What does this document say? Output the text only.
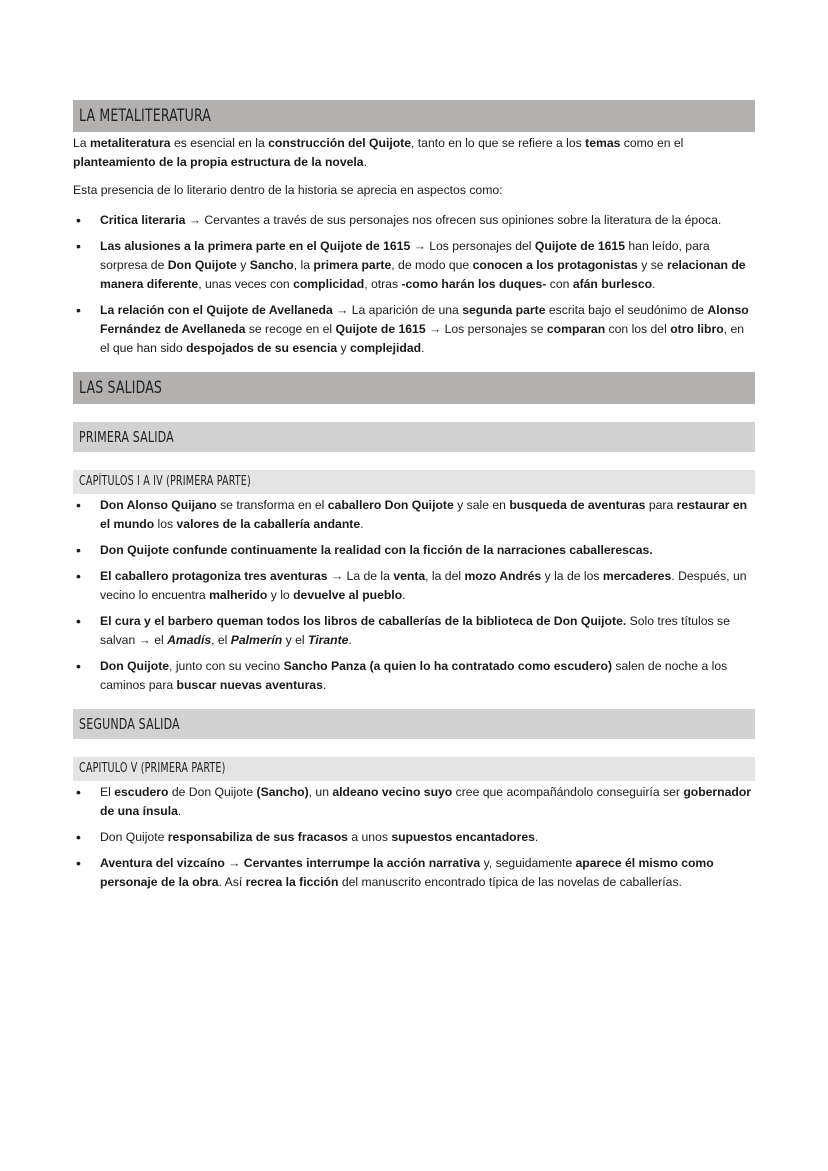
LA METALITERATURA

La metaliteratura es esencial en la construcción del Quijote, tanto en lo que se refiere a los temas como en el planteamiento de la propia estructura de la novela.

Esta presencia de lo literario dentro de la historia se aprecia en aspectos como:

• Critica literaria → Cervantes a través de sus personajes nos ofrecen sus opiniones sobre la literatura de la época.
• Las alusiones a la primera parte en el Quijote de 1615 → Los personajes del Quijote de 1615 han leído, para sorpresa de Don Quijote y Sancho, la primera parte, de modo que conocen a los protagonistas y se relacionan de manera diferente, unas veces con complicidad, otras -como harán los duques- con afán burlesco.
• La relación con el Quijote de Avellaneda → La aparición de una segunda parte escrita bajo el seudónimo de Alonso Fernández de Avellaneda se recoge en el Quijote de 1615 → Los personajes se comparan con los del otro libro, en el que han sido despojados de su esencia y complejidad.
LAS SALIDAS
PRIMERA SALIDA
CAPÍTULOS I A IV (PRIMERA PARTE)
• Don Alonso Quijano se transforma en el caballero Don Quijote y sale en busqueda de aventuras para restaurar en el mundo los valores de la caballería andante.
• Don Quijote confunde continuamente la realidad con la ficción de la narraciones caballerescas.
• El caballero protagoniza tres aventuras → La de la venta, la del mozo Andrés y la de los mercaderes. Después, un vecino lo encuentra malherido y lo devuelve al pueblo.
• El cura y el barbero queman todos los libros de caballerías de la biblioteca de Don Quijote. Solo tres títulos se salvan → el Amadís, el Palmerín y el Tirante.
• Don Quijote, junto con su vecino Sancho Panza (a quien lo ha contratado como escudero) salen de noche a los caminos para buscar nuevas aventuras.
SEGUNDA SALIDA
CAPITULO V (PRIMERA PARTE)
• El escudero de Don Quijote (Sancho), un aldeano vecino suyo cree que acompañándolo conseguiría ser gobernador de una ínsula.
• Don Quijote responsabiliza de sus fracasos a unos supuestos encantadores.
• Aventura del vizcaíno → Cervantes interrumpe la acción narrativa y, seguidamente aparece él mismo como personaje de la obra. Así recrea la ficción del manuscrito encontrado típica de las novelas de caballerías.
